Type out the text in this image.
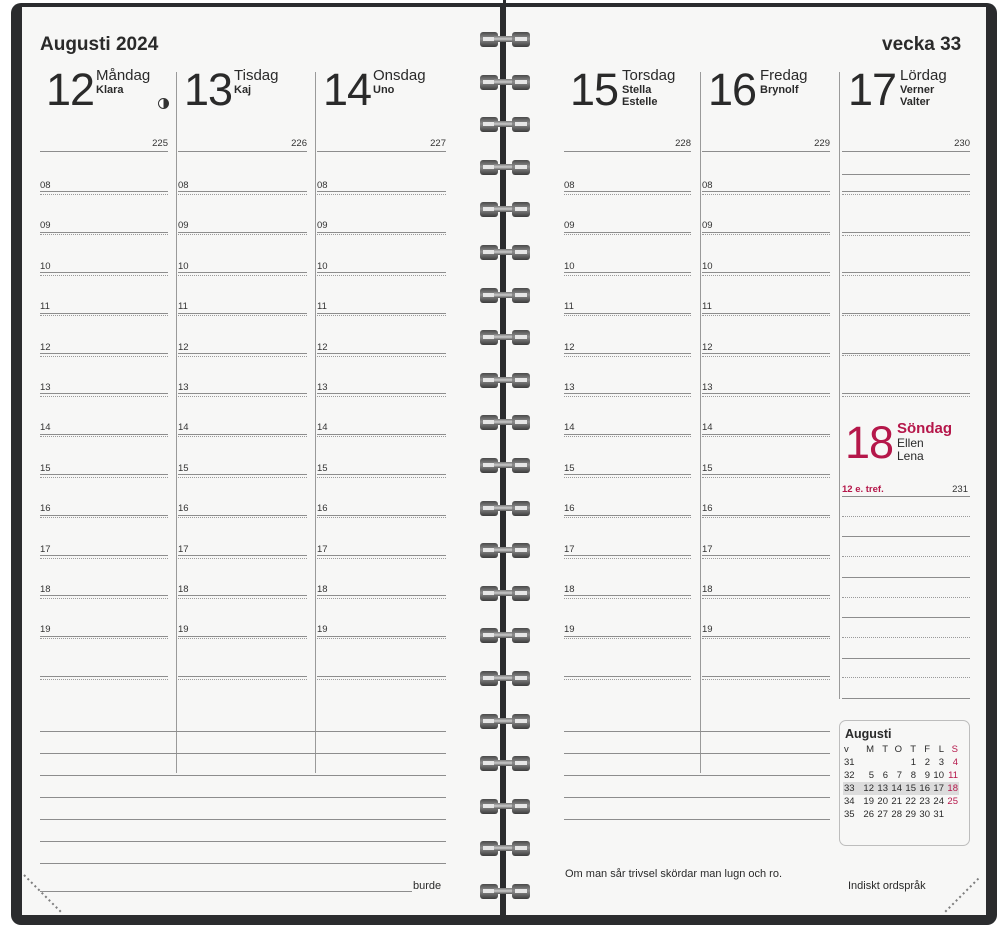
Augusti 2024	vecka 33
12 Måndag
Klara
225
08
09
10
11
12
13
14
15
16
17
18
19
13 Tisdag
Kaj
226
08
09
10
11
12
13
14
15
16
17
18
19
14 Onsdag
Uno
227
08
09
10
11
12
13
14
15
16
17
18
19
15 Torsdag
Stella
Estelle
228
08
09
10
11
12
13
14
15
16
17
18
19
16 Fredag
Brynolf
229
08
09
10
11
12
13
14
15
16
17
18
19
17 Lördag
Verner
Valter
230
18 Söndag
Ellen
Lena
12 e. tref.	231
Augusti
v	M	T	O	T	F	L	S
31				1	2	3	4
32	5	6	7	8	9	10	11
33	12	13	14	15	16	17	18
34	19	20	21	22	23	24	25
35	26	27	28	29	30	31	
Om man sår trivsel skördar man lugn och ro.
Indiskt ordspråk
burde
